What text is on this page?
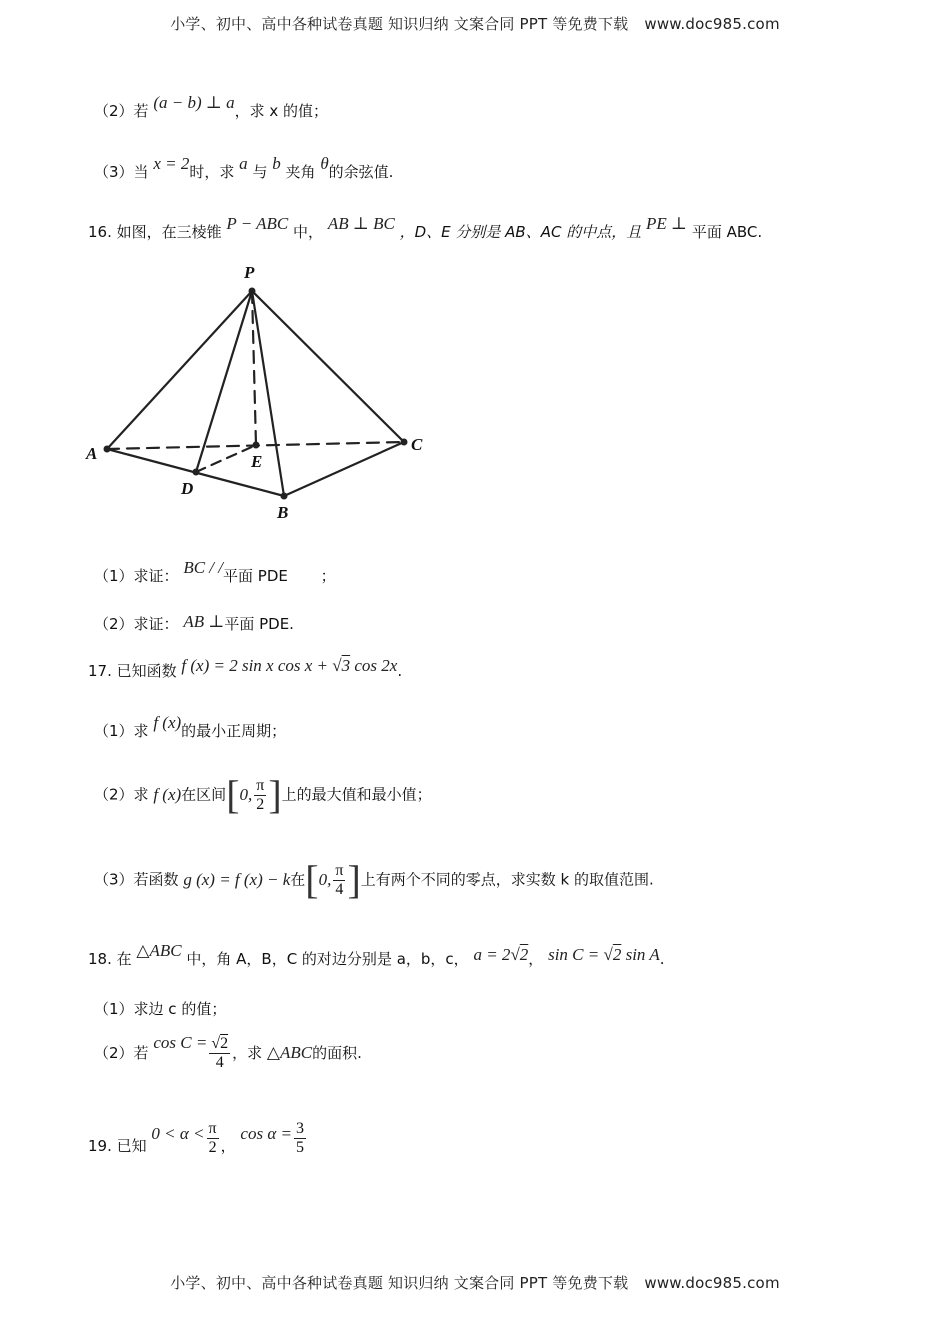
小学、初中、高中各种试卷真题 知识归纳 文案合同 PPT 等免费下载 www.doc985.com
（2）若 (a − b) ⊥ a，求 x 的值；
（3）当 x = 2时，求 a 与 b 夹角 θ的余弦值.
16. 如图，在三棱锥 P − ABC 中， AB ⊥ BC ，D、E 分别是 AB、AC 的中点，且 PE ⊥ 平面 ABC.
P
A
B
C
D
E
（1）求证： BC / /平面 PDE ；
（2）求证： AB ⊥平面 PDE.
17. 已知函数 f (x) = 2 sin x cos x + √3 cos 2x.
（1）求 f (x)的最小正周期；
（2）求 f (x)在区间[0, $\frac{\pi}{2}$ ]上的最大值和最小值；
（3）若函数 g (x) = f (x) − k在[0, $\frac{\pi}{4}$ ]上有两个不同的零点，求实数 k 的取值范围.
18. 在 △ABC 中，角 A，B，C 的对边分别是 a，b，c， a = 2√2， sin C = √2 sin A.
（1）求边 c 的值；
（2）若 $\cos C = \frac{√2}{4}$ ，求 △ABC的面积.
19. 已知 $0 < \alpha < \frac{\pi}{2}$ ， $\cos \alpha = \frac{3}{5}$
小学、初中、高中各种试卷真题 知识归纳 文案合同 PPT 等免费下载 www.doc985.com
